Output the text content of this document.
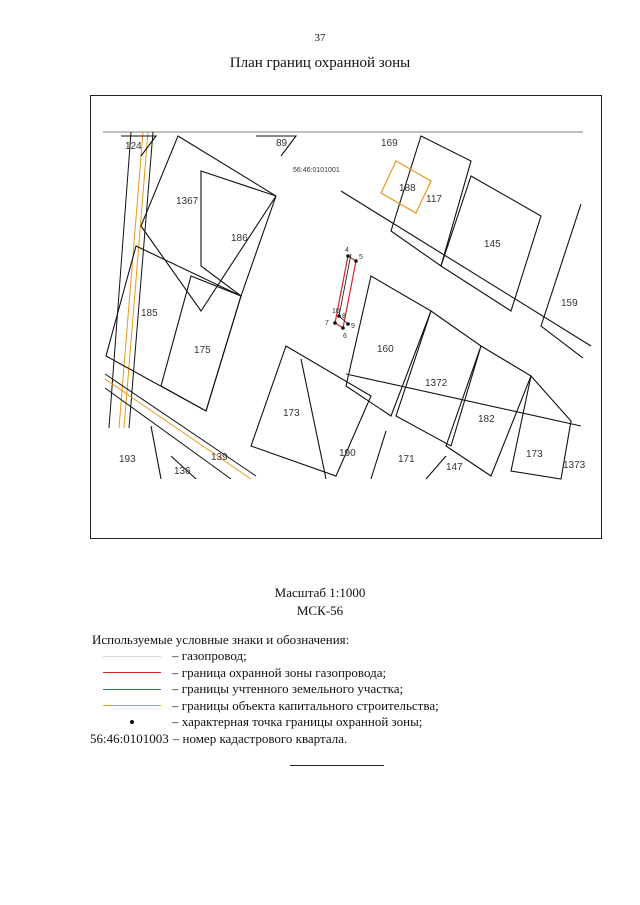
37
План границ охранной зоны
4
5
6
7
8
9
10
56:46:0101001
124	89	169
1367
186
117
145
159
185
175	160
1372
182
173
193
136
139	190
171
147
173
1373
188
Масштаб 1:1000
МСК-56
Используемые условные знаки и обозначения:
– газопровод;
– граница охранной зоны газопровода;
– границы учтенного земельного участка;
– границы объекта капитального строительства;
– характерная точка границы охранной зоны;
56:46:0101003 – номер кадастрового квартала.
